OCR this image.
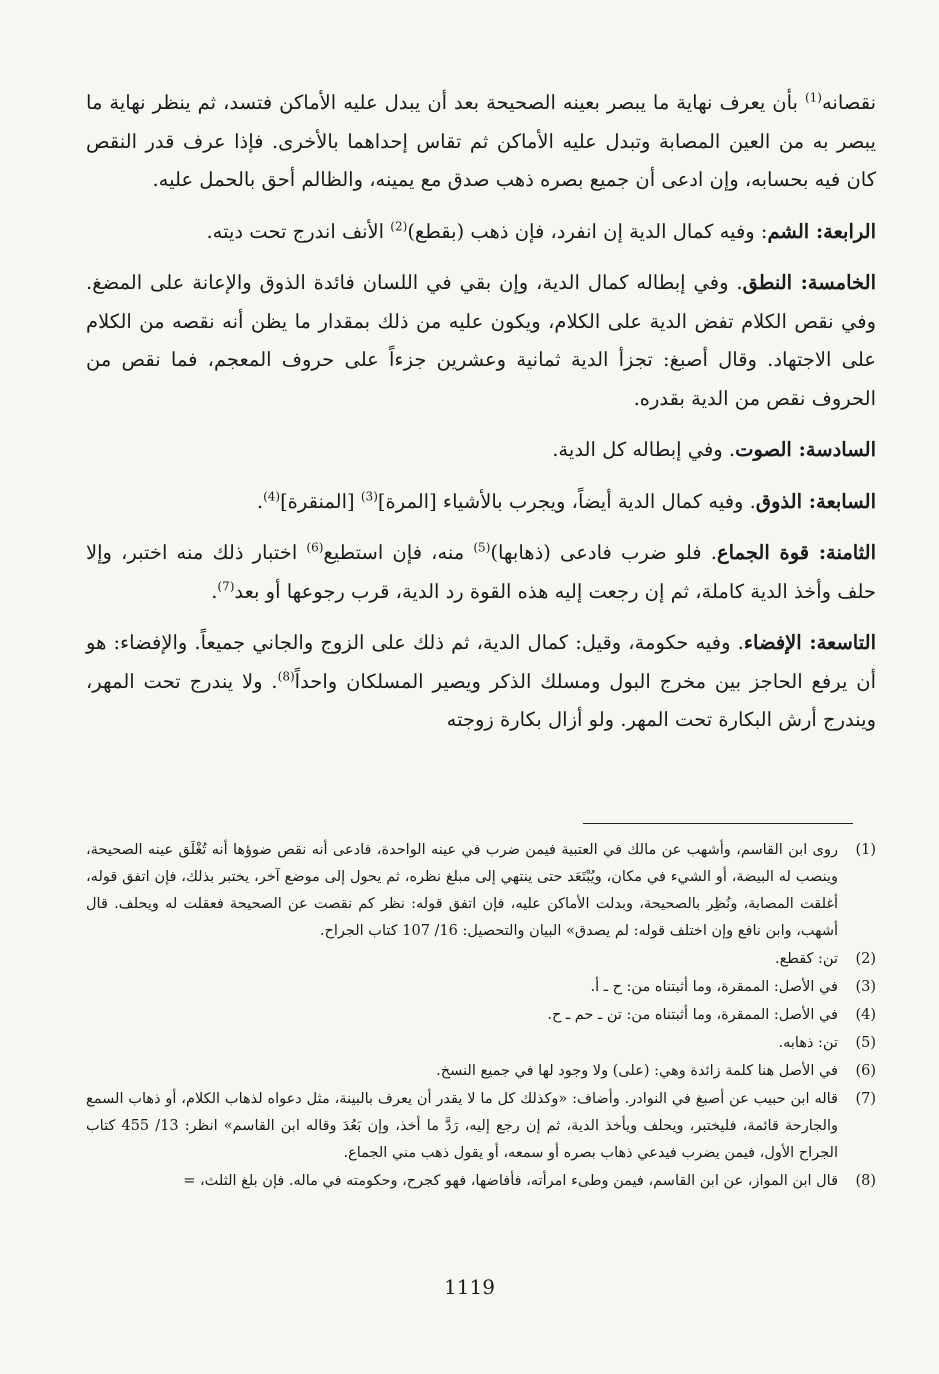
نقصانه$^{(1)}$ بأن يعرف نهاية ما يبصر بعينه الصحيحة بعد أن يبدل عليه الأماكن فتسد، ثم ينظر نهاية ما يبصر به من العين المصابة وتبدل عليه الأماكن ثم تقاس إحداهما بالأخرى. فإذا عرف قدر النقص كان فيه بحسابه، وإن ادعى أن جميع بصره ذهب صدق مع يمينه، والظالم أحق بالحمل عليه.

الرابعة: الشم: وفيه كمال الدية إن انفرد، فإن ذهب (بقطع)$^{(2)}$ الأنف اندرج تحت ديته.

الخامسة: النطق. وفي إبطاله كمال الدية، وإن بقي في اللسان فائدة الذوق والإعانة على المضغ. وفي نقص الكلام تفض الدية على الكلام، ويكون عليه من ذلك بمقدار ما يظن أنه نقصه من الكلام على الاجتهاد. وقال أصبغ: تجزأ الدية ثمانية وعشرين جزءاً على حروف المعجم، فما نقص من الحروف نقص من الدية بقدره.

السادسة: الصوت. وفي إبطاله كل الدية.

السابعة: الذوق. وفيه كمال الدية أيضاً، ويجرب بالأشياء [المرة]$^{(3)}$ [المنقرة]$^{(4)}$.

الثامنة: قوة الجماع. فلو ضرب فادعى (ذهابها)$^{(5)}$ منه، فإن استطيع$^{(6)}$ اختبار ذلك منه اختبر، وإلا حلف وأخذ الدية كاملة، ثم إن رجعت إليه هذه القوة رد الدية، قرب رجوعها أو بعد$^{(7)}$.

التاسعة: الإفضاء. وفيه حكومة، وقيل: كمال الدية، ثم ذلك على الزوج والجاني جميعاً. والإفضاء: هو أن يرفع الحاجز بين مخرج البول ومسلك الذكر ويصير المسلكان واحداً$^{(8)}$. ولا يندرج تحت المهر، ويندرج أرش البكارة تحت المهر. ولو أزال بكارة زوجته

(1)
روى ابن القاسم، وأشهب عن مالك في العتبية فيمن ضرب في عينه الواحدة، فادعى أنه نقص ضوؤها أنه تُغْلَق عينه الصحيحة، وينصب له البيضة، أو الشيء في مكان، ويُبْتَعَد حتى ينتهي إلى مبلغ نظره، ثم يحول إلى موضع آخر، يختبر بذلك، فإن اتفق قوله، أغلقت المصابة، ونُظِر بالصحيحة، وبدلت الأماكن عليه، فإن اتفق قوله: نظر كم نقصت عن الصحيحة فعقلت له ويحلف. قال أشهب، وابن نافع وإن اختلف قوله: لم يصدق» البيان والتحصيل: 16/ 107 كتاب الجراح.
(2)
تن: كقطع.
(3)
في الأصل: الممقرة، وما أثبتناه من: ح ـ أ.
(4)
في الأصل: الممقرة، وما أثبتناه من: تن ـ حم ـ ح.
(5)
تن: ذهابه.
(6)
في الأصل هنا كلمة زائدة وهي: (على) ولا وجود لها في جميع النسخ.
(7)
قاله ابن حبيب عن أصبغ في النوادر. وأضاف: «وكذلك كل ما لا يقدر أن يعرف بالبينة، مثل دعواه لذهاب الكلام، أو ذهاب السمع والجارحة قائمة، فليختبر، ويحلف ويأخذ الدية، ثم إن رجع إليه، رَدَّ ما أخذ، وإن بَعُدَ وقاله ابن القاسم» انظر: 13/ 455 كتاب الجراح الأول، فيمن يضرب فيدعي ذهاب بصره أو سمعه، أو يقول ذهب مني الجماع.
(8)
قال ابن المواز، عن ابن القاسم، فيمن وطىء امرأته، فأفاضها، فهو كجرح، وحكومته في ماله. فإن بلغ الثلث، =
1119
